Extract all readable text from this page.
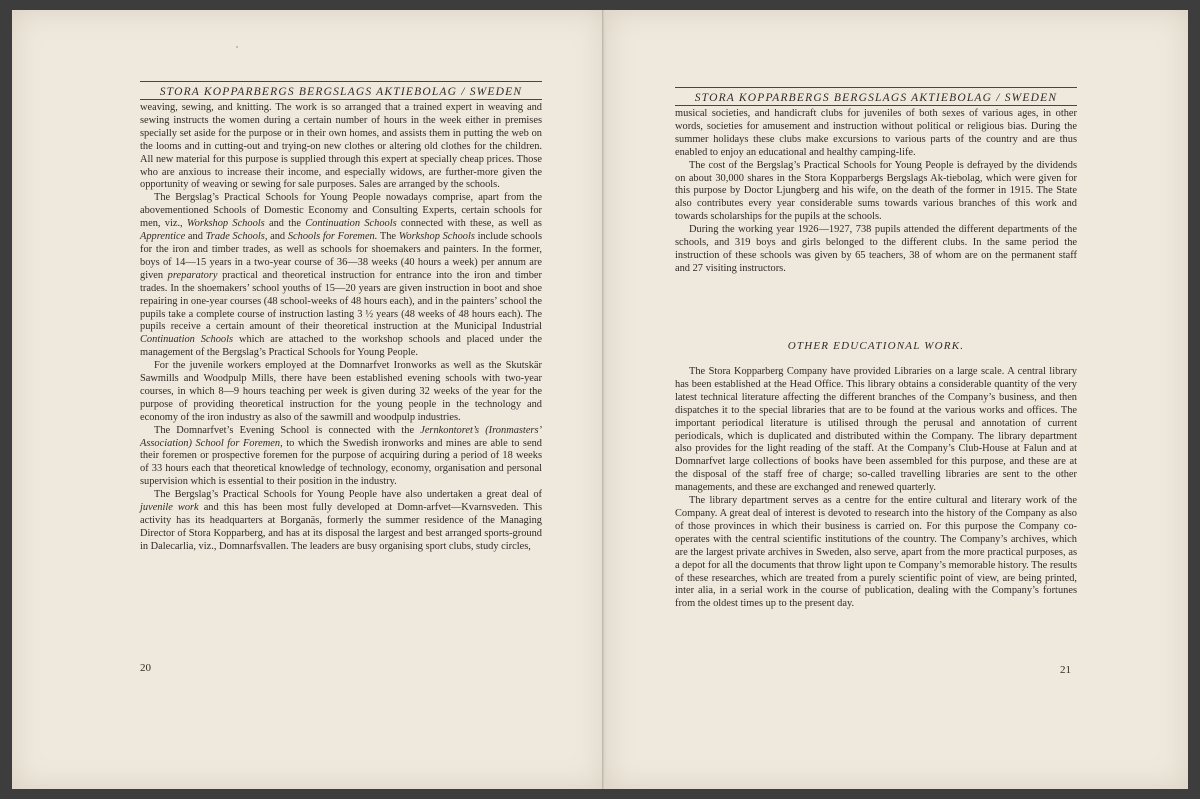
STORA KOPPARBERGS BERGSLAGS AKTIEBOLAG / SWEDEN

weaving, sewing, and knitting. The work is so arranged that a trained expert in weaving and sewing instructs the women during a certain number of hours in the week either in premises specially set aside for the purpose or in their own homes, and assists them in putting the web on the looms and in cutting-out and trying-on new clothes or altering old clothes for the children. All new material for this purpose is supplied through this expert at specially cheap prices. Those who are anxious to increase their income, and especially widows, are further-more given the opportunity of weaving or sewing for sale purposes. Sales are arranged by the schools.

The Bergslag’s Practical Schools for Young People nowadays comprise, apart from the abovementioned Schools of Domestic Economy and Consulting Experts, certain schools for men, viz., Workshop Schools and the Continuation Schools connected with these, as well as Apprentice and Trade Schools, and Schools for Foremen. The Workshop Schools include schools for the iron and timber trades, as well as schools for shoemakers and painters. In the former, boys of 14—15 years in a two-year course of 36—38 weeks (40 hours a week) per annum are given preparatory practical and theoretical instruction for entrance into the iron and timber trades. In the shoemakers’ school youths of 15—20 years are given instruction in boot and shoe repairing in one-year courses (48 school-weeks of 48 hours each), and in the painters’ school the pupils take a complete course of instruction lasting 3 ½ years (48 weeks of 48 hours each). The pupils receive a certain amount of their theoretical instruction at the Municipal Industrial Continuation Schools which are attached to the workshop schools and placed under the management of the Bergslag’s Practical Schools for Young People.

For the juvenile workers employed at the Domnarfvet Ironworks as well as the Skutskär Sawmills and Woodpulp Mills, there have been established evening schools with two-year courses, in which 8—9 hours teaching per week is given during 32 weeks of the year for the purpose of providing theoretical instruction for the young people in the technology and economy of the iron industry as also of the sawmill and woodpulp industries.

The Domnarfvet’s Evening School is connected with the Jernkontoret’s (Ironmasters’ Association) School for Foremen, to which the Swedish ironworks and mines are able to send their foremen or prospective foremen for the purpose of acquiring during a period of 18 weeks of 33 hours each that theoretical knowledge of technology, economy, organisation and personal supervision which is essential to their position in the industry.

The Bergslag’s Practical Schools for Young People have also undertaken a great deal of juvenile work and this has been most fully developed at Domn-arfvet—Kvarnsveden. This activity has its headquarters at Borganäs, formerly the summer residence of the Managing Director of Stora Kopparberg, and has at its disposal the largest and best arranged sports-ground in Dalecarlia, viz., Domnarfsvallen. The leaders are busy organising sport clubs, study circles,

20
STORA KOPPARBERGS BERGSLAGS AKTIEBOLAG / SWEDEN

musical societies, and handicraft clubs for juveniles of both sexes of various ages, in other words, societies for amusement and instruction without political or religious bias. During the summer holidays these clubs make excursions to various parts of the country and are thus enabled to enjoy an educational and healthy camping-life.

The cost of the Bergslag’s Practical Schools for Young People is defrayed by the dividends on about 30,000 shares in the Stora Kopparbergs Bergslags Ak-tiebolag, which were given for this purpose by Doctor Ljungberg and his wife, on the death of the former in 1915. The State also contributes every year considerable sums towards various branches of this work and towards scholarships for the pupils at the schools.

During the working year 1926—1927, 738 pupils attended the different departments of the schools, and 319 boys and girls belonged to the different clubs. In the same period the instruction of these schools was given by 65 teachers, 38 of whom are on the permanent staff and 27 visiting instructors.

OTHER EDUCATIONAL WORK.

The Stora Kopparberg Company have provided Libraries on a large scale. A central library has been established at the Head Office. This library obtains a considerable quantity of the very latest technical literature affecting the different branches of the Company’s business, and then dispatches it to the special libraries that are to be found at the various works and offices. The important periodical literature is utilised through the perusal and annotation of current periodicals, which is duplicated and distributed within the Company. The library department also provides for the light reading of the staff. At the Company’s Club-House at Falun and at Domnarfvet large collections of books have been assembled for this purpose, and these are at the disposal of the staff free of charge; so-called travelling libraries are sent to the other managements, and these are exchanged and renewed quarterly.

The library department serves as a centre for the entire cultural and literary work of the Company. A great deal of interest is devoted to research into the history of the Company as also of those provinces in which their business is carried on. For this purpose the Company co-operates with the central scientific institutions of the country. The Company’s archives, which are the largest private archives in Sweden, also serve, apart from the more practical purposes, as a depot for all the documents that throw light upon te Company’s memorable history. The results of these researches, which are treated from a purely scientific point of view, are being printed, inter alia, in a serial work in the course of publication, dealing with the Company’s fortunes from the oldest times up to the present day.

21
